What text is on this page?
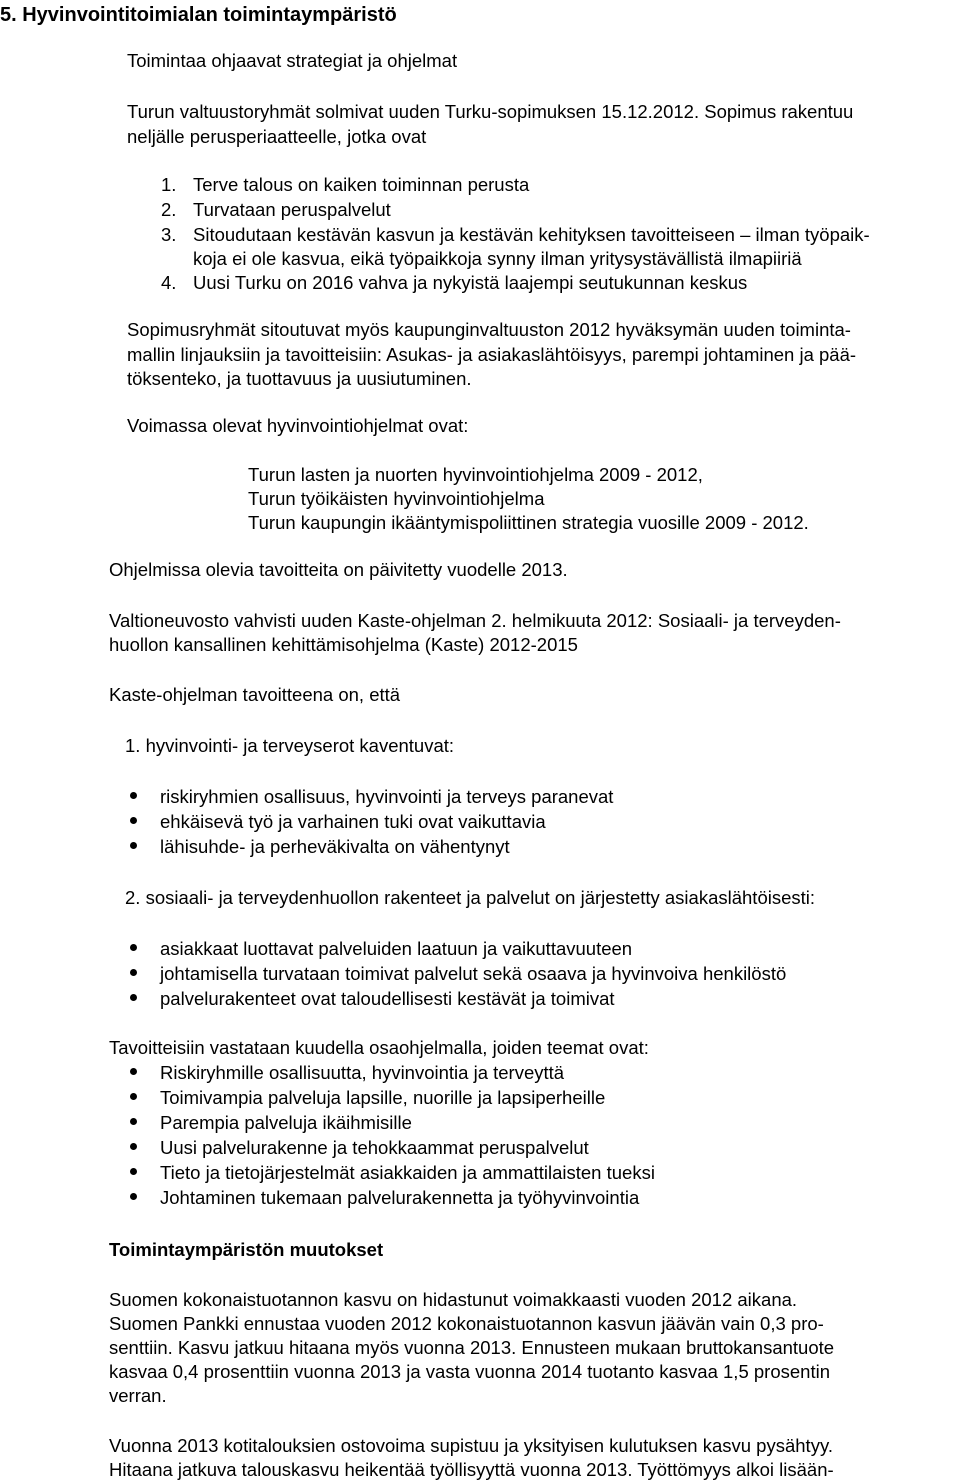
5. Hyvinvointitoimialan toimintaympäristö
Toimintaa ohjaavat strategiat ja ohjelmat
Turun valtuustoryhmät solmivat uuden Turku-sopimuksen 15.12.2012. Sopimus rakentuu
neljälle perusperiaatteelle, jotka ovat
1. Terve talous on kaiken toiminnan perusta
2. Turvataan peruspalvelut
3. Sitoudutaan kestävän kasvun ja kestävän kehityksen tavoitteiseen – ilman työpaik-
koja ei ole kasvua, eikä työpaikkoja synny ilman yritysystävällistä ilmapiiriä
4. Uusi Turku on 2016 vahva ja nykyistä laajempi seutukunnan keskus
Sopimusryhmät sitoutuvat myös kaupunginvaltuuston 2012 hyväksymän uuden toiminta-
mallin linjauksiin ja tavoitteisiin: Asukas- ja asiakaslähtöisyys, parempi johtaminen ja pää-
töksenteko, ja tuottavuus ja uusiutuminen.
Voimassa olevat hyvinvointiohjelmat ovat:
Turun lasten ja nuorten hyvinvointiohjelma 2009 - 2012,
Turun työikäisten hyvinvointiohjelma
Turun kaupungin ikääntymispoliittinen strategia vuosille 2009 - 2012.
Ohjelmissa olevia tavoitteita on päivitetty vuodelle 2013.
Valtioneuvosto vahvisti uuden Kaste-ohjelman 2. helmikuuta 2012: Sosiaali- ja terveyden-
huollon kansallinen kehittämisohjelma (Kaste) 2012-2015
Kaste-ohjelman tavoitteena on, että
1. hyvinvointi- ja terveyserot kaventuvat:
riskiryhmien osallisuus, hyvinvointi ja terveys paranevat
ehkäisevä työ ja varhainen tuki ovat vaikuttavia
lähisuhde- ja perheväkivalta on vähentynyt
2. sosiaali- ja terveydenhuollon rakenteet ja palvelut on järjestetty asiakaslähtöisesti:
asiakkaat luottavat palveluiden laatuun ja vaikuttavuuteen
johtamisella turvataan toimivat palvelut sekä osaava ja hyvinvoiva henkilöstö
palvelurakenteet ovat taloudellisesti kestävät ja toimivat
Tavoitteisiin vastataan kuudella osaohjelmalla, joiden teemat ovat:
Riskiryhmille osallisuutta, hyvinvointia ja terveyttä
Toimivampia palveluja lapsille, nuorille ja lapsiperheille
Parempia palveluja ikäihmisille
Uusi palvelurakenne ja tehokkaammat peruspalvelut
Tieto ja tietojärjestelmät asiakkaiden ja ammattilaisten tueksi
Johtaminen tukemaan palvelurakennetta ja työhyvinvointia
Toimintaympäristön muutokset
Suomen kokonaistuotannon kasvu on hidastunut voimakkaasti vuoden 2012 aikana.
Suomen Pankki ennustaa vuoden 2012 kokonaistuotannon kasvun jäävän vain 0,3 pro-
senttiin. Kasvu jatkuu hitaana myös vuonna 2013. Ennusteen mukaan bruttokansantuote
kasvaa 0,4 prosenttiin vuonna 2013 ja vasta vuonna 2014 tuotanto kasvaa 1,5 prosentin
verran.
Vuonna 2013 kotitalouksien ostovoima supistuu ja yksityisen kulutuksen kasvu pysähtyy.
Hitaana jatkuva talouskasvu heikentää työllisyyttä vuonna 2013. Työttömyys alkoi lisään-
